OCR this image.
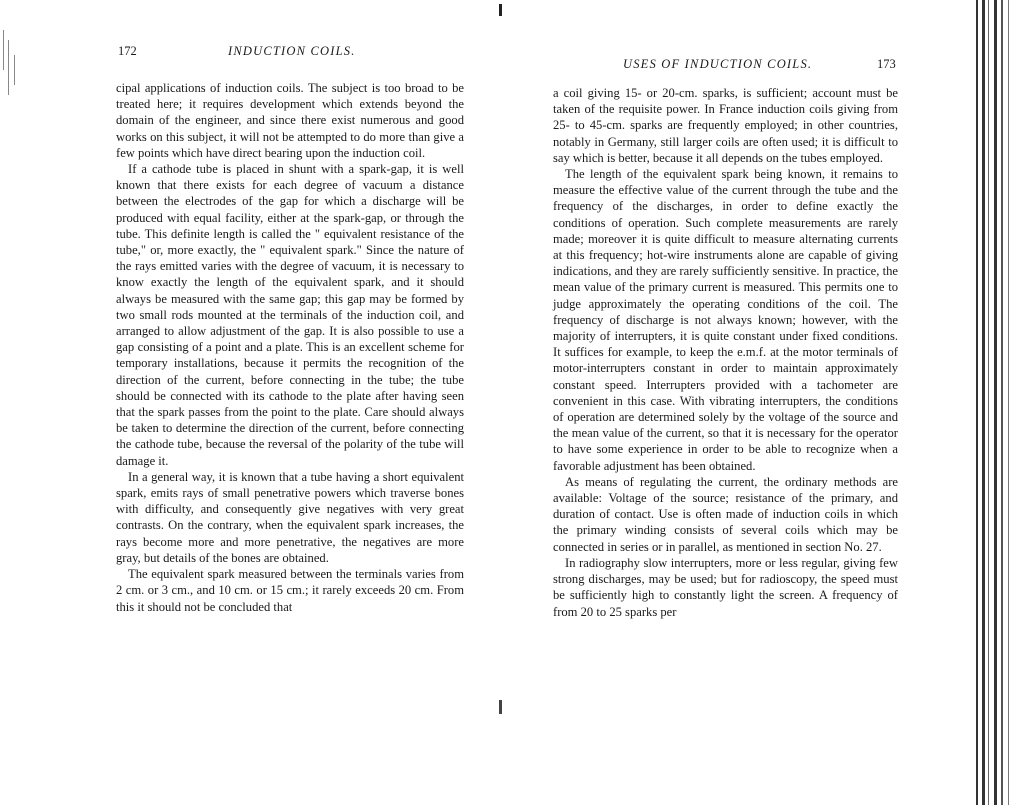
172	INDUCTION COILS.

cipal applications of induction coils. The subject is too broad to be treated here; it requires development which extends beyond the domain of the engineer, and since there exist numerous and good works on this subject, it will not be attempted to do more than give a few points which have direct bearing upon the induction coil.

If a cathode tube is placed in shunt with a spark-gap, it is well known that there exists for each degree of vacuum a distance between the electrodes of the gap for which a discharge will be produced with equal facility, either at the spark-gap, or through the tube. This definite length is called the " equivalent resistance of the tube," or, more exactly, the " equivalent spark." Since the nature of the rays emitted varies with the degree of vacuum, it is necessary to know exactly the length of the equivalent spark, and it should always be measured with the same gap; this gap may be formed by two small rods mounted at the terminals of the induction coil, and arranged to allow adjustment of the gap. It is also possible to use a gap consisting of a point and a plate. This is an excellent scheme for temporary installations, because it permits the recognition of the direction of the current, before connecting in the tube; the tube should be connected with its cathode to the plate after having seen that the spark passes from the point to the plate. Care should always be taken to determine the direction of the current, before connecting the cathode tube, because the reversal of the polarity of the tube will damage it.

In a general way, it is known that a tube having a short equivalent spark, emits rays of small penetrative powers which traverse bones with difficulty, and consequently give negatives with very great contrasts. On the contrary, when the equivalent spark increases, the rays become more and more penetrative, the negatives are more gray, but details of the bones are obtained.

The equivalent spark measured between the terminals varies from 2 cm. or 3 cm., and 10 cm. or 15 cm.; it rarely exceeds 20 cm. From this it should not be concluded that

USES OF INDUCTION COILS.	173

a coil giving 15- or 20-cm. sparks, is sufficient; account must be taken of the requisite power. In France induction coils giving from 25- to 45-cm. sparks are frequently employed; in other countries, notably in Germany, still larger coils are often used; it is difficult to say which is better, because it all depends on the tubes employed.

The length of the equivalent spark being known, it remains to measure the effective value of the current through the tube and the frequency of the discharges, in order to define exactly the conditions of operation. Such complete measurements are rarely made; moreover it is quite difficult to measure alternating currents at this frequency; hot-wire instruments alone are capable of giving indications, and they are rarely sufficiently sensitive. In practice, the mean value of the primary current is measured. This permits one to judge approximately the operating conditions of the coil. The frequency of discharge is not always known; however, with the majority of interrupters, it is quite constant under fixed conditions. It suffices for example, to keep the e.m.f. at the motor terminals of motor-interrupters constant in order to maintain approximately constant speed. Interrupters provided with a tachometer are convenient in this case. With vibrating interrupters, the conditions of operation are determined solely by the voltage of the source and the mean value of the current, so that it is necessary for the operator to have some experience in order to be able to recognize when a favorable adjustment has been obtained.

As means of regulating the current, the ordinary methods are available: Voltage of the source; resistance of the primary, and duration of contact. Use is often made of induction coils in which the primary winding consists of several coils which may be connected in series or in parallel, as mentioned in section No. 27.

In radiography slow interrupters, more or less regular, giving few strong discharges, may be used; but for radioscopy, the speed must be sufficiently high to constantly light the screen. A frequency of from 20 to 25 sparks per
